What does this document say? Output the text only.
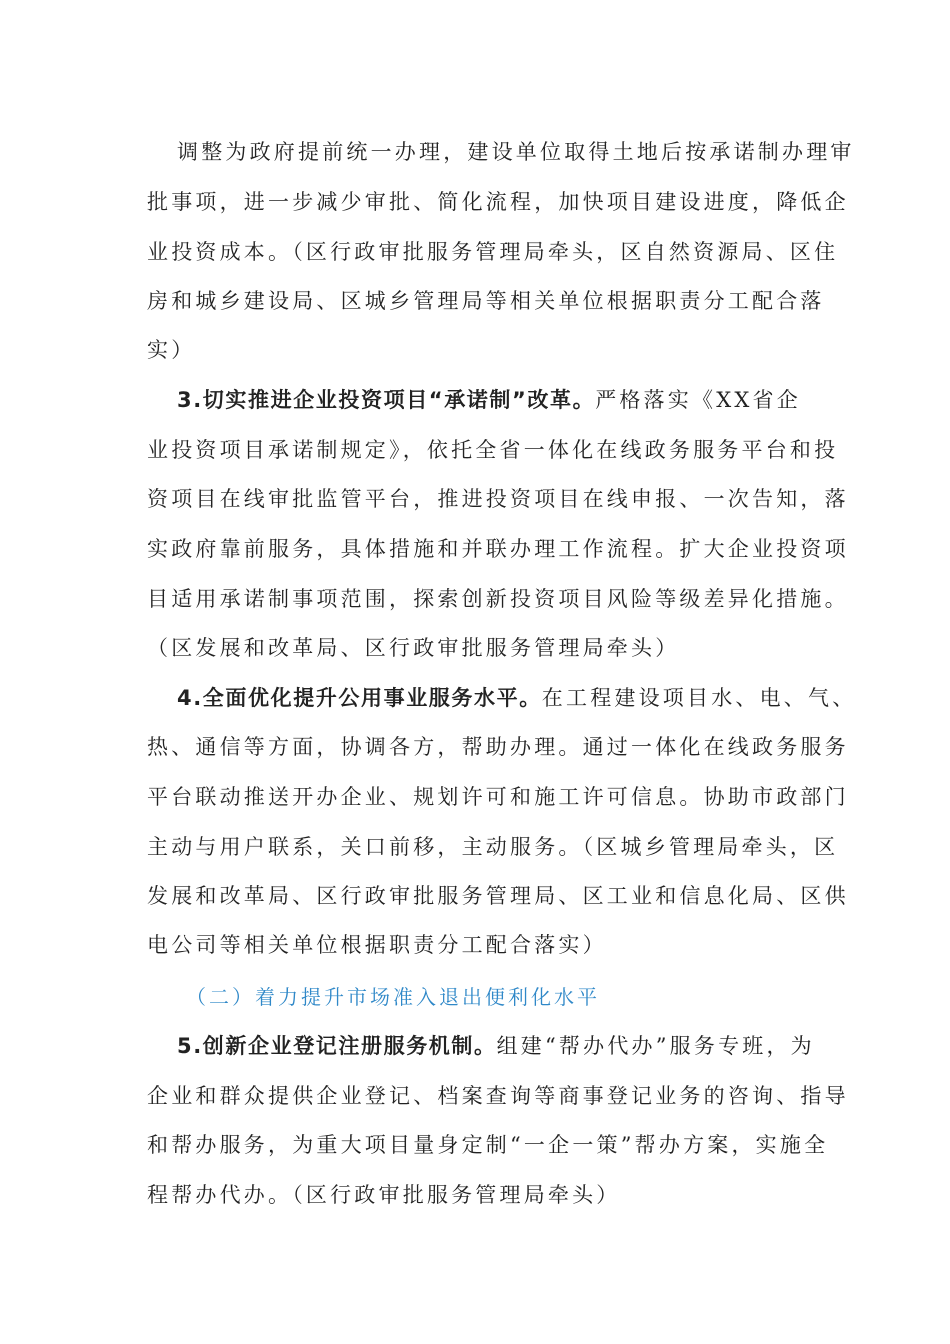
调整为政府提前统一办理，建设单位取得土地后按承诺制办理审
批事项，进一步减少审批、简化流程，加快项目建设进度，降低企
业投资成本。（区行政审批服务管理局牵头，区自然资源局、区住
房和城乡建设局、区城乡管理局等相关单位根据职责分工配合落
实）
3.切实推进企业投资项目“承诺制”改革。严格落实《XX省企
业投资项目承诺制规定》，依托全省一体化在线政务服务平台和投
资项目在线审批监管平台，推进投资项目在线申报、一次告知，落
实政府靠前服务，具体措施和并联办理工作流程。扩大企业投资项
目适用承诺制事项范围，探索创新投资项目风险等级差异化措施。
（区发展和改革局、区行政审批服务管理局牵头）
4.全面优化提升公用事业服务水平。在工程建设项目水、电、气、
热、通信等方面，协调各方，帮助办理。通过一体化在线政务服务
平台联动推送开办企业、规划许可和施工许可信息。协助市政部门
主动与用户联系，关口前移，主动服务。（区城乡管理局牵头，区
发展和改革局、区行政审批服务管理局、区工业和信息化局、区供
电公司等相关单位根据职责分工配合落实）
（二）着力提升市场准入退出便利化水平
5.创新企业登记注册服务机制。组建“帮办代办”服务专班，为
企业和群众提供企业登记、档案查询等商事登记业务的咨询、指导
和帮办服务，为重大项目量身定制“一企一策”帮办方案，实施全
程帮办代办。（区行政审批服务管理局牵头）
